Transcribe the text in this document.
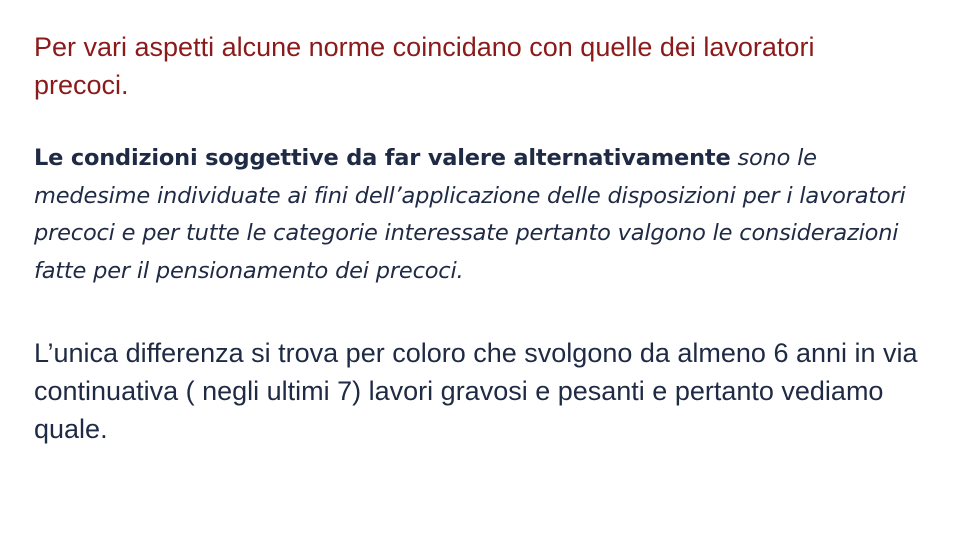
Per vari aspetti alcune norme coincidano con quelle dei lavoratori precoci.

Le condizioni soggettive da far valere alternativamente sono le medesime individuate ai fini dell’applicazione delle disposizioni per i lavoratori precoci e per tutte le categorie interessate pertanto valgono le considerazioni fatte per il pensionamento dei precoci.

L’unica differenza si trova per coloro che svolgono da almeno 6 anni in via continuativa ( negli ultimi 7) lavori gravosi e pesanti e pertanto vediamo quale.
